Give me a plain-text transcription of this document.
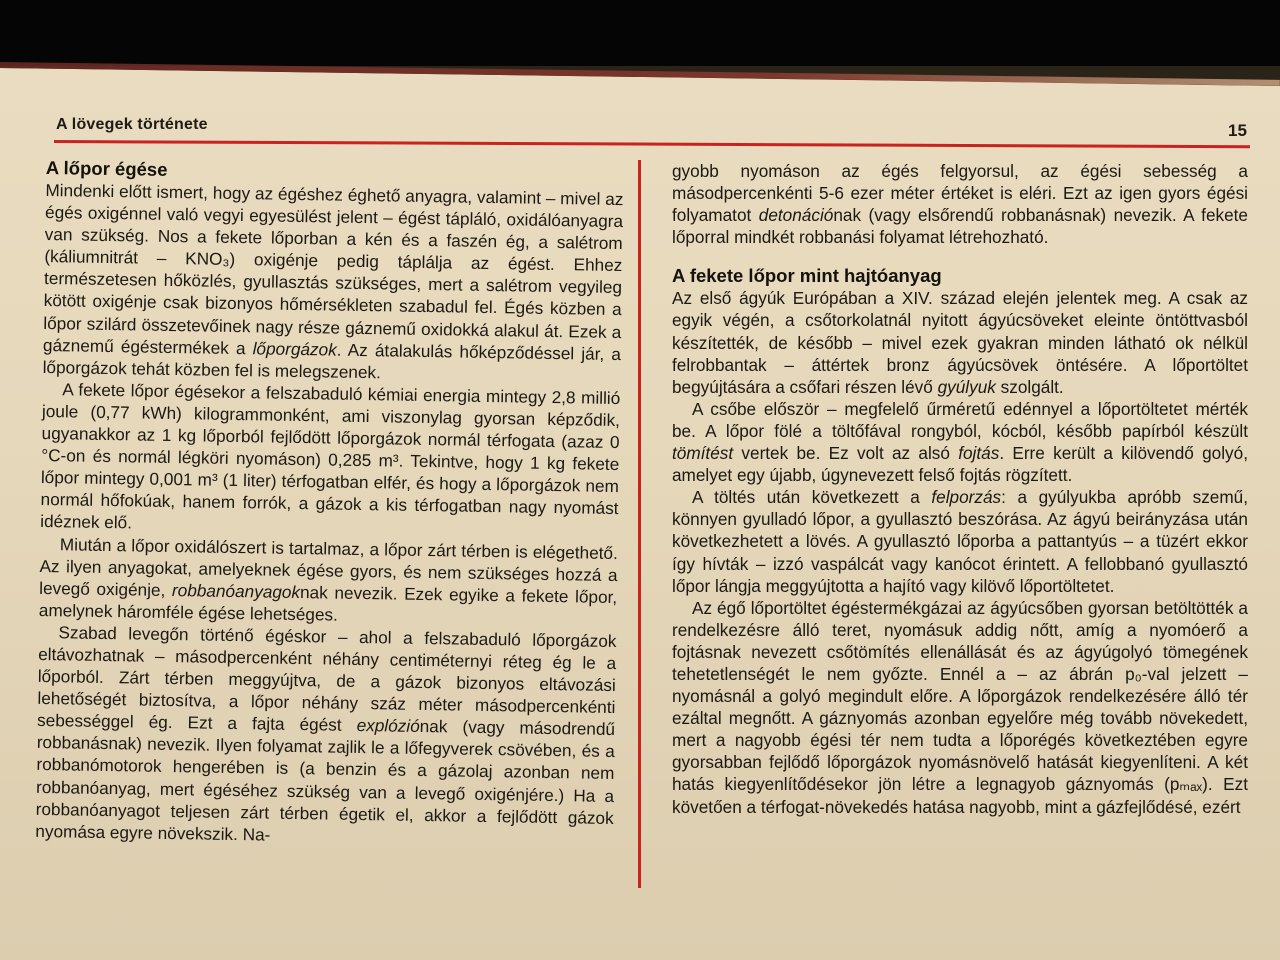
A lövegek története	15
A lőpor égése

Mindenki előtt ismert, hogy az égéshez éghető anyagra, valamint – mivel az égés oxigénnel való vegyi egyesülést jelent – égést tápláló, oxidálóanyagra van szükség. Nos a fekete lőporban a kén és a faszén ég, a salétrom (káliumnitrát – KNO₃) oxigénje pedig táplálja az égést. Ehhez természetesen hőközlés, gyullasztás szükséges, mert a salétrom vegyileg kötött oxigénje csak bizonyos hőmérsékleten szabadul fel. Égés közben a lőpor szilárd összetevőinek nagy része gáznemű oxidokká alakul át. Ezek a gáznemű égéstermékek a lőporgázok. Az átalakulás hőképződéssel jár, a lőporgázok tehát közben fel is melegszenek.

A fekete lőpor égésekor a felszabaduló kémiai energia mintegy 2,8 millió joule (0,77 kWh) kilogrammonként, ami viszonylag gyorsan képződik, ugyanakkor az 1 kg lőporból fejlődött lőporgázok normál térfogata (azaz 0 °C-on és normál légköri nyomáson) 0,285 m³. Tekintve, hogy 1 kg fekete lőpor mintegy 0,001 m³ (1 liter) térfogatban elfér, és hogy a lőporgázok nem normál hőfokúak, hanem forrók, a gázok a kis térfogatban nagy nyomást idéznek elő.

Miután a lőpor oxidálószert is tartalmaz, a lőpor zárt térben is elégethető. Az ilyen anyagokat, amelyeknek égése gyors, és nem szükséges hozzá a levegő oxigénje, robbanóanyagoknak nevezik. Ezek egyike a fekete lőpor, amelynek háromféle égése lehetséges.

Szabad levegőn történő égéskor – ahol a felszabaduló lőporgázok eltávozhatnak – másodpercenként néhány centiméternyi réteg ég le a lőporból. Zárt térben meggyújtva, de a gázok bizonyos eltávozási lehetőségét biztosítva, a lőpor néhány száz méter másodpercenkénti sebességgel ég. Ezt a fajta égést explóziónak (vagy másodrendű robbanásnak) nevezik. Ilyen folyamat zajlik le a lőfegyverek csövében, és a robbanómotorok hengerében is (a benzin és a gázolaj azonban nem robbanóanyag, mert égéséhez szükség van a levegő oxigénjére.) Ha a robbanóanyagot teljesen zárt térben égetik el, akkor a fejlődött gázok nyomása egyre növekszik. Na-

gyobb nyomáson az égés felgyorsul, az égési sebesség a másodpercenkénti 5-6 ezer méter értéket is eléri. Ezt az igen gyors égési folyamatot detonációnak (vagy elsőrendű robbanásnak) nevezik. A fekete lőporral mindkét robbanási folyamat létrehozható.

A fekete lőpor mint hajtóanyag

Az első ágyúk Európában a XIV. század elején jelentek meg. A csak az egyik végén, a csőtorkolatnál nyitott ágyúcsöveket eleinte öntöttvasból készítették, de később – mivel ezek gyakran minden látható ok nélkül felrobbantak – áttértek bronz ágyúcsövek öntésére. A lőportöltet begyújtására a csőfari részen lévő gyúlyuk szolgált.

A csőbe először – megfelelő űrméretű edénnyel a lőportöltetet mérték be. A lőpor fölé a töltőfával rongyból, kócból, később papírból készült tömítést vertek be. Ez volt az alsó fojtás. Erre került a kilövendő golyó, amelyet egy újabb, úgynevezett felső fojtás rögzített.

A töltés után következett a felporzás: a gyúlyukba apróbb szemű, könnyen gyulladó lőpor, a gyullasztó beszórása. Az ágyú beirányzása után következhetett a lövés. A gyullasztó lőporba a pattantyús – a tüzért ekkor így hívták – izzó vaspálcát vagy kanócot érintett. A fellobbanó gyullasztó lőpor lángja meggyújtotta a hajító vagy kilövő lőportöltetet.

Az égő lőportöltet égéstermékgázai az ágyúcsőben gyorsan betöltötték a rendelkezésre álló teret, nyomásuk addig nőtt, amíg a nyomóerő a fojtásnak nevezett csőtömítés ellenállását és az ágyúgolyó tömegének tehetetlenségét le nem győzte. Ennél a – az ábrán p₀-val jelzett – nyomásnál a golyó megindult előre. A lőporgázok rendelkezésére álló tér ezáltal megnőtt. A gáznyomás azonban egyelőre még tovább növekedett, mert a nagyobb égési tér nem tudta a lőporégés következtében egyre gyorsabban fejlődő lőporgázok nyomásnövelő hatását kiegyenlíteni. A két hatás kiegyenlítődésekor jön létre a legnagyob gáznyomás (pₘₐₓ). Ezt követően a térfogat-növekedés hatása nagyobb, mint a gázfejlődésé, ezért
